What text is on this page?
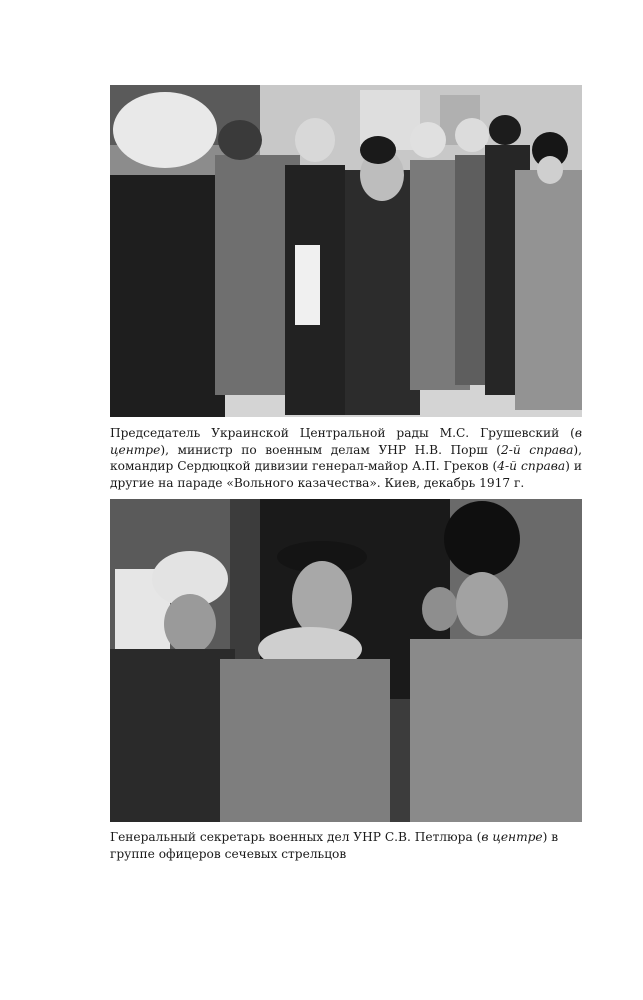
Председатель Украинской Центральной рады М.С. Грушевский (в центре), министр по военным делам УНР Н.В. Порш (2-й справа), командир Сердюцкой дивизии генерал-майор А.П. Греков (4-й справа) и другие на параде «Вольного казачества». Киев, декабрь 1917 г.
Генеральный секретарь военных дел УНР С.В. Петлюра (в центре) в группе офицеров сечевых стрельцов
